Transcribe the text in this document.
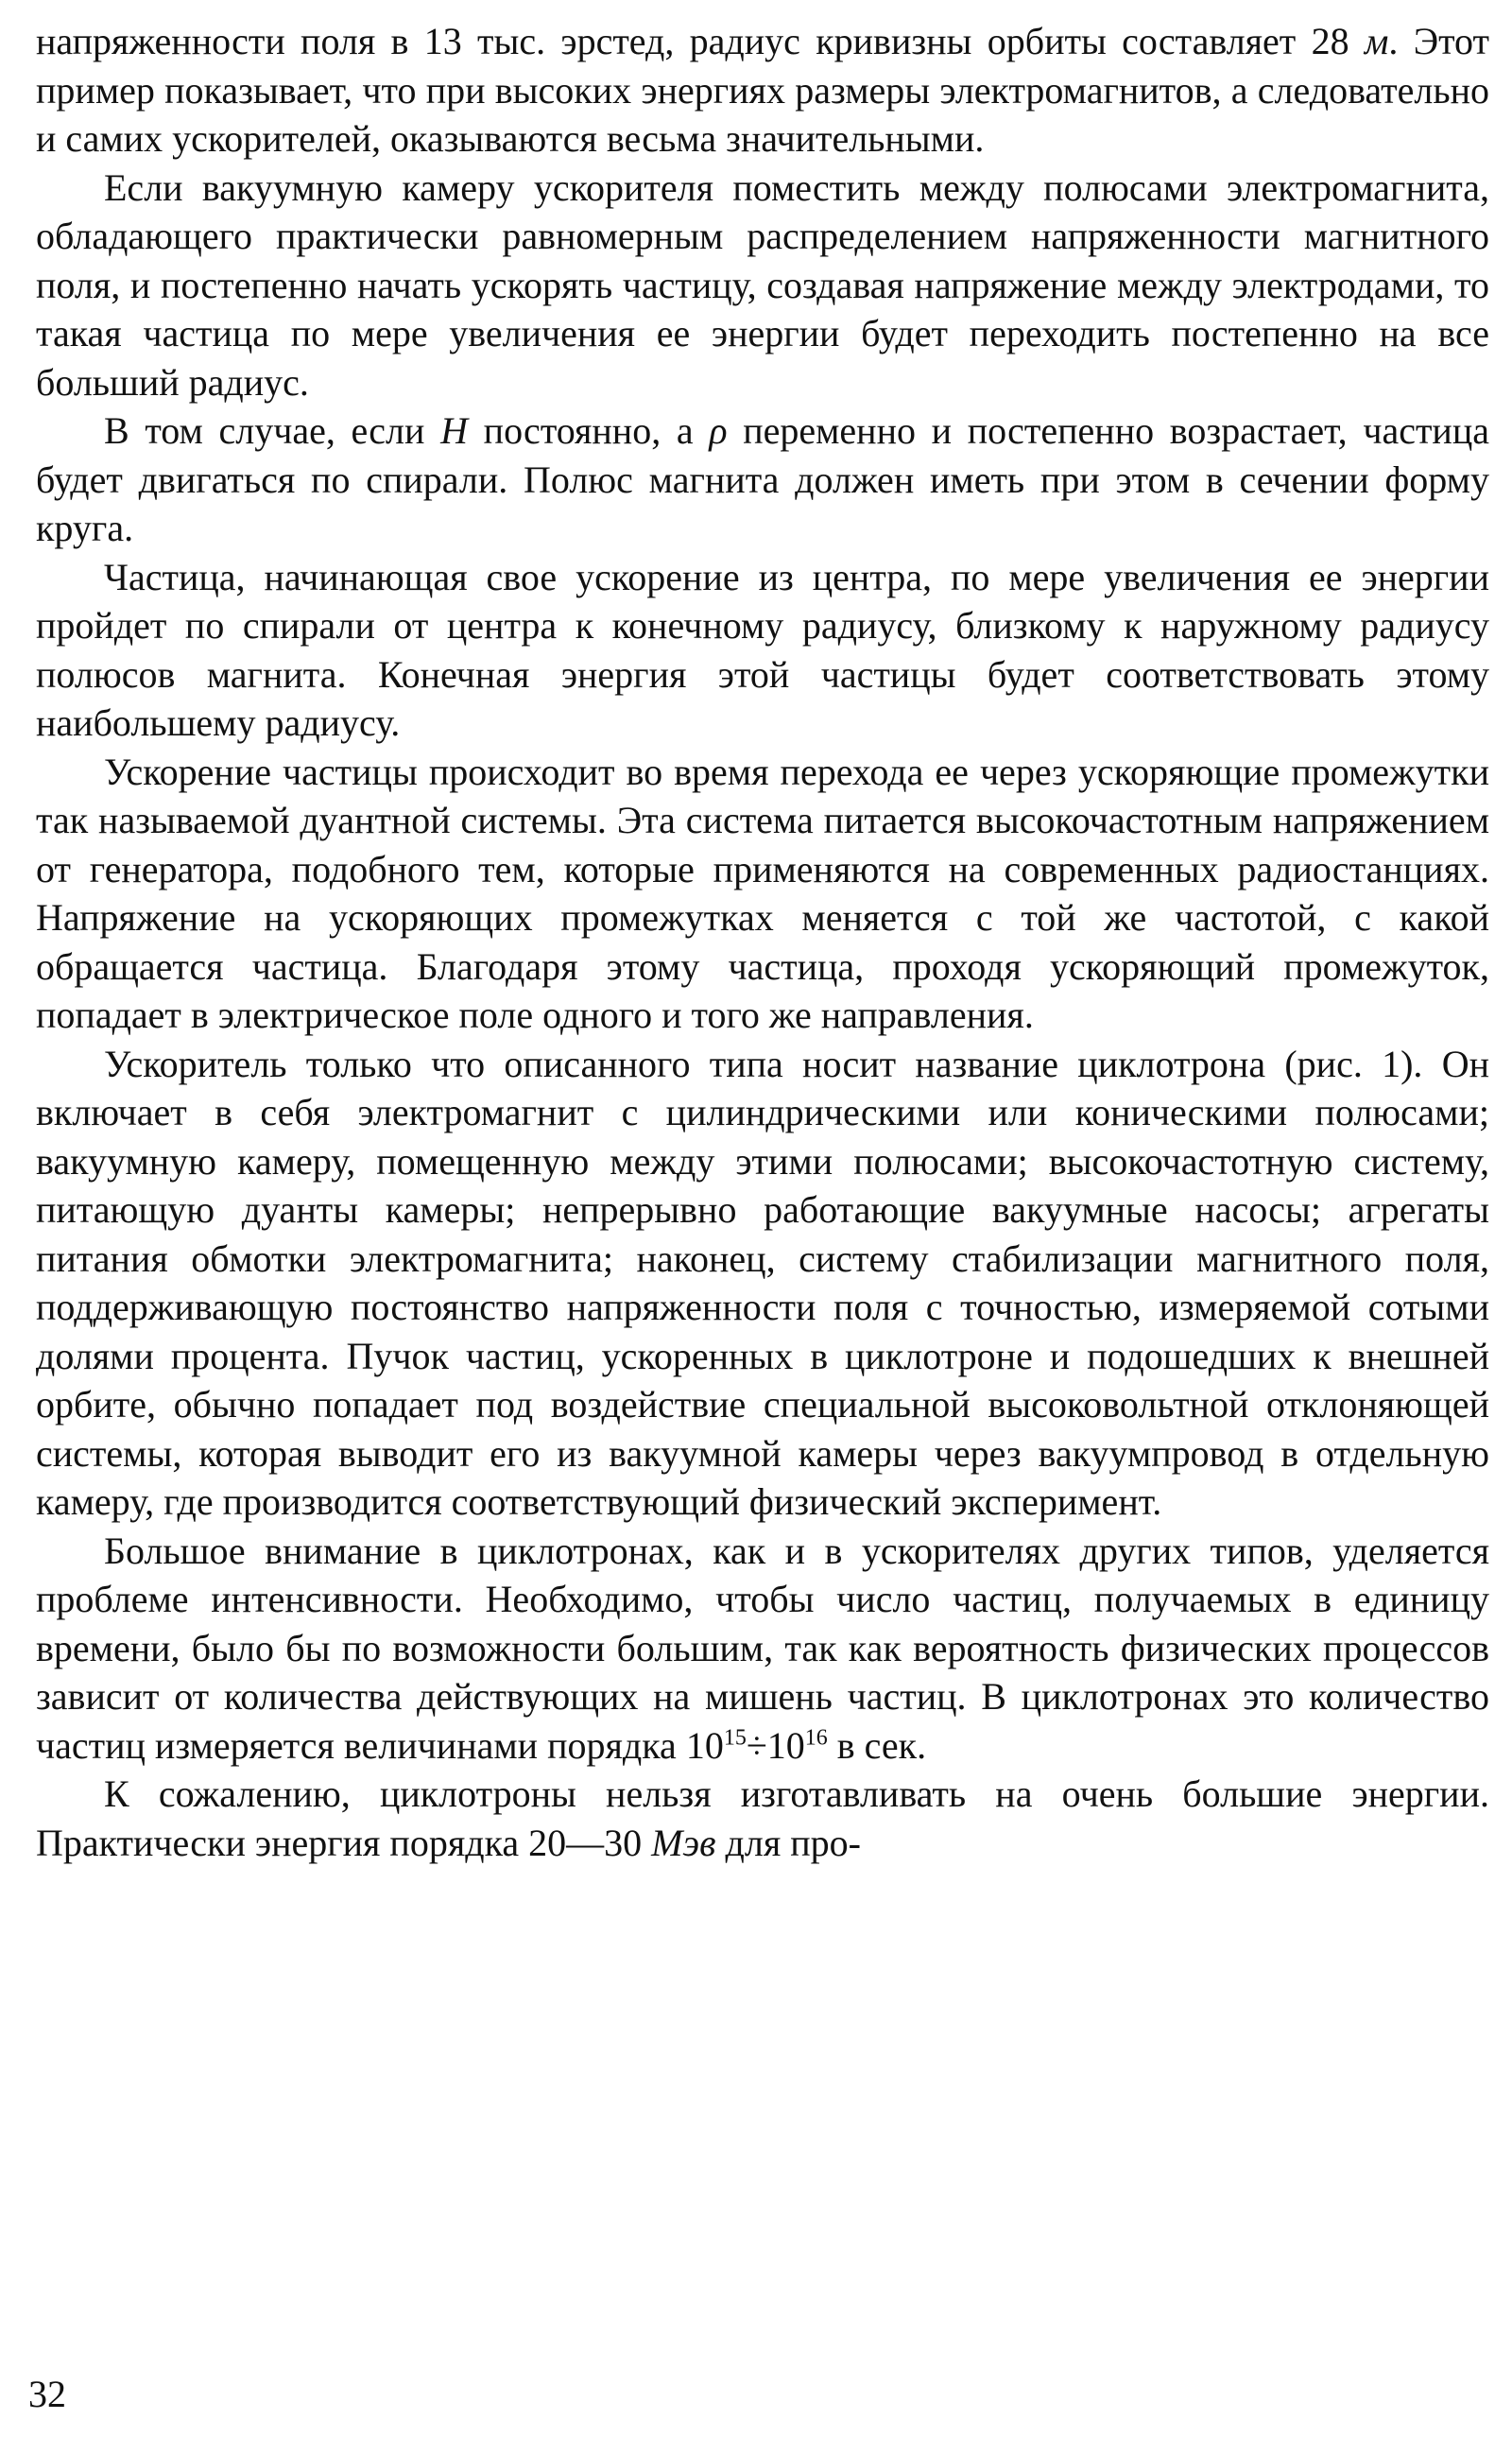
напряженности поля в 13 тыс. эрстед, радиус кривизны орбиты составляет 28 м. Этот пример показывает, что при высоких энергиях размеры электромагнитов, а следовательно и самих ускорителей, оказываются весьма значительными.

Если вакуумную камеру ускорителя поместить между полюсами электромагнита, обладающего практически равномерным распределением напряженности магнитного поля, и постепенно начать ускорять частицу, создавая напряжение между электродами, то такая частица по мере увеличения ее энергии будет переходить постепенно на все больший радиус.

В том случае, если H постоянно, а ρ переменно и постепенно возрастает, частица будет двигаться по спирали. Полюс магнита должен иметь при этом в сечении форму круга.

Частица, начинающая свое ускорение из центра, по мере увеличения ее энергии пройдет по спирали от центра к конечному радиусу, близкому к наружному радиусу полюсов магнита. Конечная энергия этой частицы будет соответствовать этому наибольшему радиусу.

Ускорение частицы происходит во время перехода ее через ускоряющие промежутки так называемой дуантной системы. Эта система питается высокочастотным напряжением от генератора, подобного тем, которые применяются на современных радиостанциях. Напряжение на ускоряющих промежутках меняется с той же частотой, с какой обращается частица. Благодаря этому частица, проходя ускоряющий промежуток, попадает в электрическое поле одного и того же направления.

Ускоритель только что описанного типа носит название циклотрона (рис. 1). Он включает в себя электромагнит с цилиндрическими или коническими полюсами; вакуумную камеру, помещенную между этими полюсами; высокочастотную систему, питающую дуанты камеры; непрерывно работающие вакуумные насосы; агрегаты питания обмотки электромагнита; наконец, систему стабилизации магнитного поля, поддерживающую постоянство напряженности поля с точностью, измеряемой сотыми долями процента. Пучок частиц, ускоренных в циклотроне и подошедших к внешней орбите, обычно попадает под воздействие специальной высоковольтной отклоняющей системы, которая выводит его из вакуумной камеры через вакуумпровод в отдельную камеру, где производится соответствующий физический эксперимент.

Большое внимание в циклотронах, как и в ускорителях других типов, уделяется проблеме интенсивности. Необходимо, чтобы число частиц, получаемых в единицу времени, было бы по возможности большим, так как вероятность физических процессов зависит от количества действующих на мишень частиц. В циклотронах это количество частиц измеряется величинами порядка $10^{15}\div 10^{16}$ в сек.

К сожалению, циклотроны нельзя изготавливать на очень большие энергии. Практически энергия порядка 20—30 Мэв для про-

32
